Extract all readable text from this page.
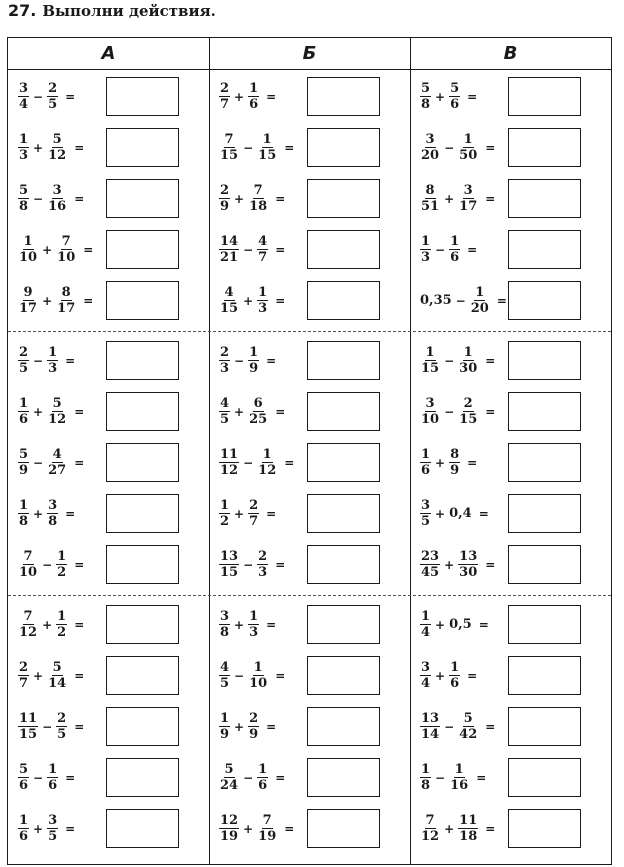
27. Выполни действия.
А	Б	В
$\frac{3}{4} - \frac{2}{5}$ =
$\frac{1}{3} + \frac{5}{12}$ =
$\frac{5}{8} - \frac{3}{16}$ =
$\frac{1}{10} + \frac{7}{10}$ =
$\frac{9}{17} + \frac{8}{17}$ =
$\frac{2}{5} - \frac{1}{3}$ =
$\frac{1}{6} + \frac{5}{12}$ =
$\frac{5}{9} - \frac{4}{27}$ =
$\frac{1}{8} + \frac{3}{8}$ =
$\frac{7}{10} - \frac{1}{2}$ =
$\frac{7}{12} + \frac{1}{2}$ =
$\frac{2}{7} + \frac{5}{14}$ =
$\frac{11}{15} - \frac{2}{5}$ =
$\frac{5}{6} - \frac{1}{6}$ =
$\frac{1}{6} + \frac{3}{5}$ =
$\frac{2}{7} + \frac{1}{6}$ =
$\frac{7}{15} - \frac{1}{15}$ =
$\frac{2}{9} + \frac{7}{18}$ =
$\frac{14}{21} - \frac{4}{7}$ =
$\frac{4}{15} + \frac{1}{3}$ =
$\frac{2}{3} - \frac{1}{9}$ =
$\frac{4}{5} + \frac{6}{25}$ =
$\frac{11}{12} - \frac{1}{12}$ =
$\frac{1}{2} + \frac{2}{7}$ =
$\frac{13}{15} - \frac{2}{3}$ =
$\frac{3}{8} + \frac{1}{3}$ =
$\frac{4}{5} - \frac{1}{10}$ =
$\frac{1}{9} + \frac{2}{9}$ =
$\frac{5}{24} - \frac{1}{6}$ =
$\frac{12}{19} + \frac{7}{19}$ =
$\frac{5}{8} + \frac{5}{6}$ =
$\frac{3}{20} - \frac{1}{50}$ =
$\frac{8}{51} + \frac{3}{17}$ =
$\frac{1}{3} - \frac{1}{6}$ =
$0,35 - \frac{1}{20}$ =
$\frac{1}{15} - \frac{1}{30}$ =
$\frac{3}{10} - \frac{2}{15}$ =
$\frac{1}{6} + \frac{8}{9}$ =
$\frac{3}{5} + 0,4$ =
$\frac{23}{45} + \frac{13}{30}$ =
$\frac{1}{4} + 0,5$ =
$\frac{3}{4} + \frac{1}{6}$ =
$\frac{13}{14} - \frac{5}{42}$ =
$\frac{1}{8} - \frac{1}{16}$ =
$\frac{7}{12} + \frac{11}{18}$ =
